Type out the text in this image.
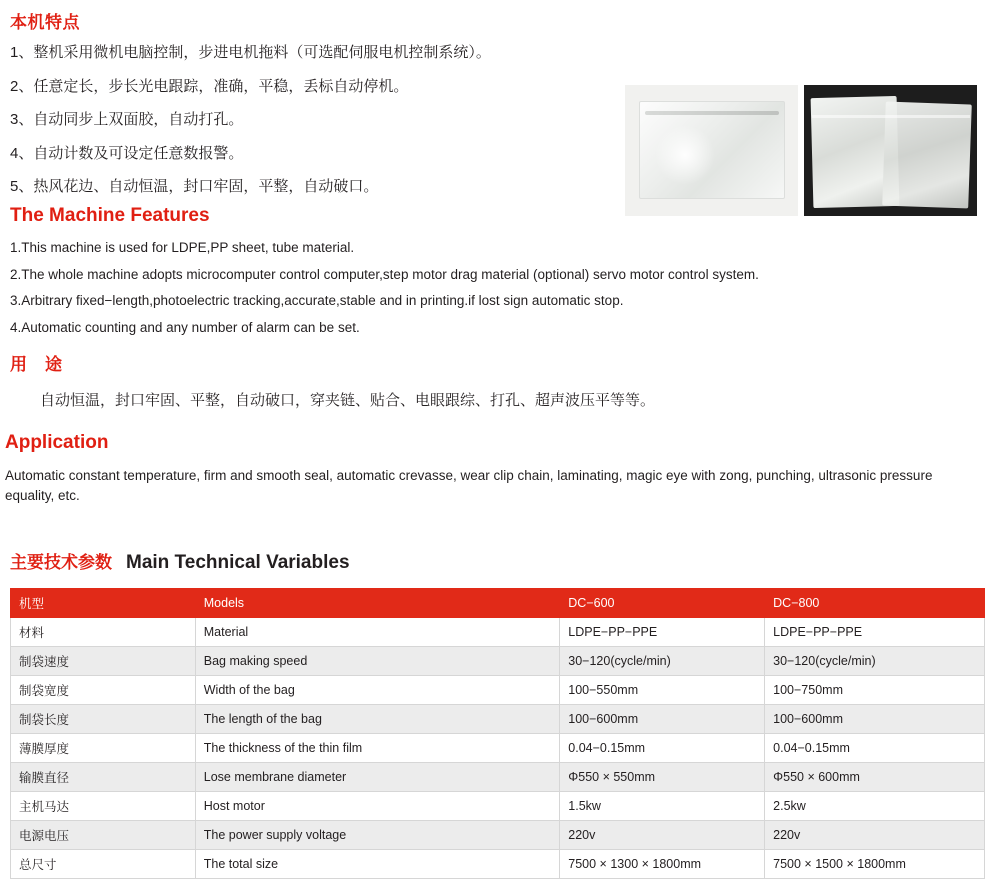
本机特点
1、整机采用微机电脑控制，步进电机拖料（可选配伺服电机控制系统）。
2、任意定长，步长光电跟踪，准确，平稳，丢标自动停机。
3、自动同步上双面胶，自动打孔。
4、自动计数及可设定任意数报警。
5、热风花边、自动恒温，封口牢固，平整，自动破口。
The Machine Features
1.This machine is used for LDPE,PP sheet, tube material.
2.The whole machine adopts microcomputer control computer,step motor drag material (optional) servo motor control system.
3.Arbitrary fixed−length,photoelectric tracking,accurate,stable and in printing.if lost sign automatic stop.
4.Automatic counting and any number of alarm can be set.
用　途
自动恒温，封口牢固、平整，自动破口，穿夹链、贴合、电眼跟综、打孔、超声波压平等等。
Application
Automatic constant temperature, firm and smooth seal, automatic crevasse, wear clip chain, laminating, magic eye with zong, punching, ultrasonic pressure equality, etc.
主要技术参数 Main Technical Variables
机型	Models	DC−600	DC−800
材料	Material	LDPE−PP−PPE	LDPE−PP−PPE
制袋速度	Bag making speed	30−120(cycle/min)	30−120(cycle/min)
制袋宽度	Width of the bag	100−550mm	100−750mm
制袋长度	The length of the bag	100−600mm	100−600mm
薄膜厚度	The thickness of the thin film	0.04−0.15mm	0.04−0.15mm
输膜直径	Lose membrane diameter	Φ550 × 550mm	Φ550 × 600mm
主机马达	Host motor	1.5kw	2.5kw
电源电压	The power supply voltage	220v	220v
总尺寸	The total size	7500 × 1300 × 1800mm	7500 × 1500 × 1800mm
